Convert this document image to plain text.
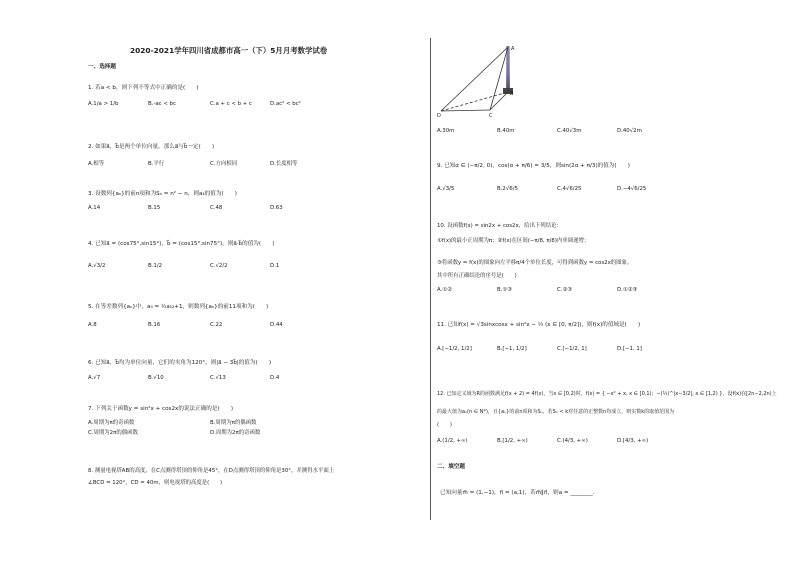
2020-2021学年四川省成都市高一（下）5月月考数学试卷
一、选择题
1. 若a < b，则下列不等式中正确的是(　　)
A.1/a > 1/b	B.-ac < bc	C.a + c < b + c	D.ac² < bc²
2. 如果a⃗，b⃗是两个单位向量，那么a⃗与b⃗一定(　　)
A.相等	B.平行	C.方向相同	D.长度相等
3. 设数列{aₙ}的前n项和为Sₙ = n² − n，则a₄的值为(　　)
A.14	B.15	C.48	D.63
4. 已知a⃗ = (cos75°,sin15°)，b⃗ = (cos15°,sin75°)，则a⃗·b⃗的值为(　　)
A.√3/2	B.1/2	C.√2/2	D.1
5. 在等差数列{aₙ}中，a₉ = ½a₁₂+1，则数列{aₙ}的前11项和为(　　)
A.8	B.16	C.22	D.44
6. 已知a⃗，b⃗均为单位向量，它们的夹角为120°，则|a⃗ − 3b⃗|的值为(　　)
A.√7	B.√10	C.√13	D.4
7. 下列关于函数y = sin²x + cos2x的说法正确的是(　　)
A.周期为π的奇函数	B.周期为π的偶函数
C.周期为2π的偶函数	D.周期为2π的奇函数
8. 测量电视塔AB的高度，在C点测得塔顶的仰角是45°，在D点测得塔顶的仰角是30°，并测得水平面上
∠BCD = 120°，CD = 40m，则电视塔的高度是(　　)
D	C
B
A
A.30m	B.40m	C.40√3m	D.40√2m
9. 已知α ∈ (−π/2, 0)，cos(α + π/6) = 3/5，则sin(2α + π/3)的值为(　　)
A.√3/5	B.2√6/5	C.4√6/25	D.−4√6/25
10. 设函数f(x) = sin2x + cos2x，给出下列结论：
①f(x)的最小正周期为π；②f(x)在区间(−π/8, π/8)内单调递增；
③将函数y = f(x)的图象向左平移π/4个单位长度，可得到函数y = cos2x的图象。
其中所有正确结论的序号是(　　)
A.①②	B.①③	C.②③	D.①②③
11. 已知f(x) = √3sinxcosx + sin²x − ½ (x ∈ [0, π/2])，则f(x)的值域是(　　)
A.[−1/2, 1/2]	B.[−1, 1/2]	C.[−1/2, 1]	D.[−1, 1]
12. 已知定义域为R的函数满足f(x + 2) = 4f(x)，当x ∈ [0,2)时，f(x) = { −x² + x, x ∈ [0,1)；−(½)^|x−3/2|, x ∈ [1,2) }，设f(x)在[2n−2,2n)上
的最大值为aₙ(n ∈ N*)，且{aₙ}的前n项和为Sₙ，若Sₙ < k对任意的正整数n均成立，则实数k的取值范围为
(　　)
A.(1/2, +∞)	B.[1/2, +∞)	C.(4/3, +∞)	D.[4/3, +∞)
二、填空题
已知向量m⃗ = (1,−1)，n⃗ = (a,1)，若m⃗∥n⃗，则a = ________.
